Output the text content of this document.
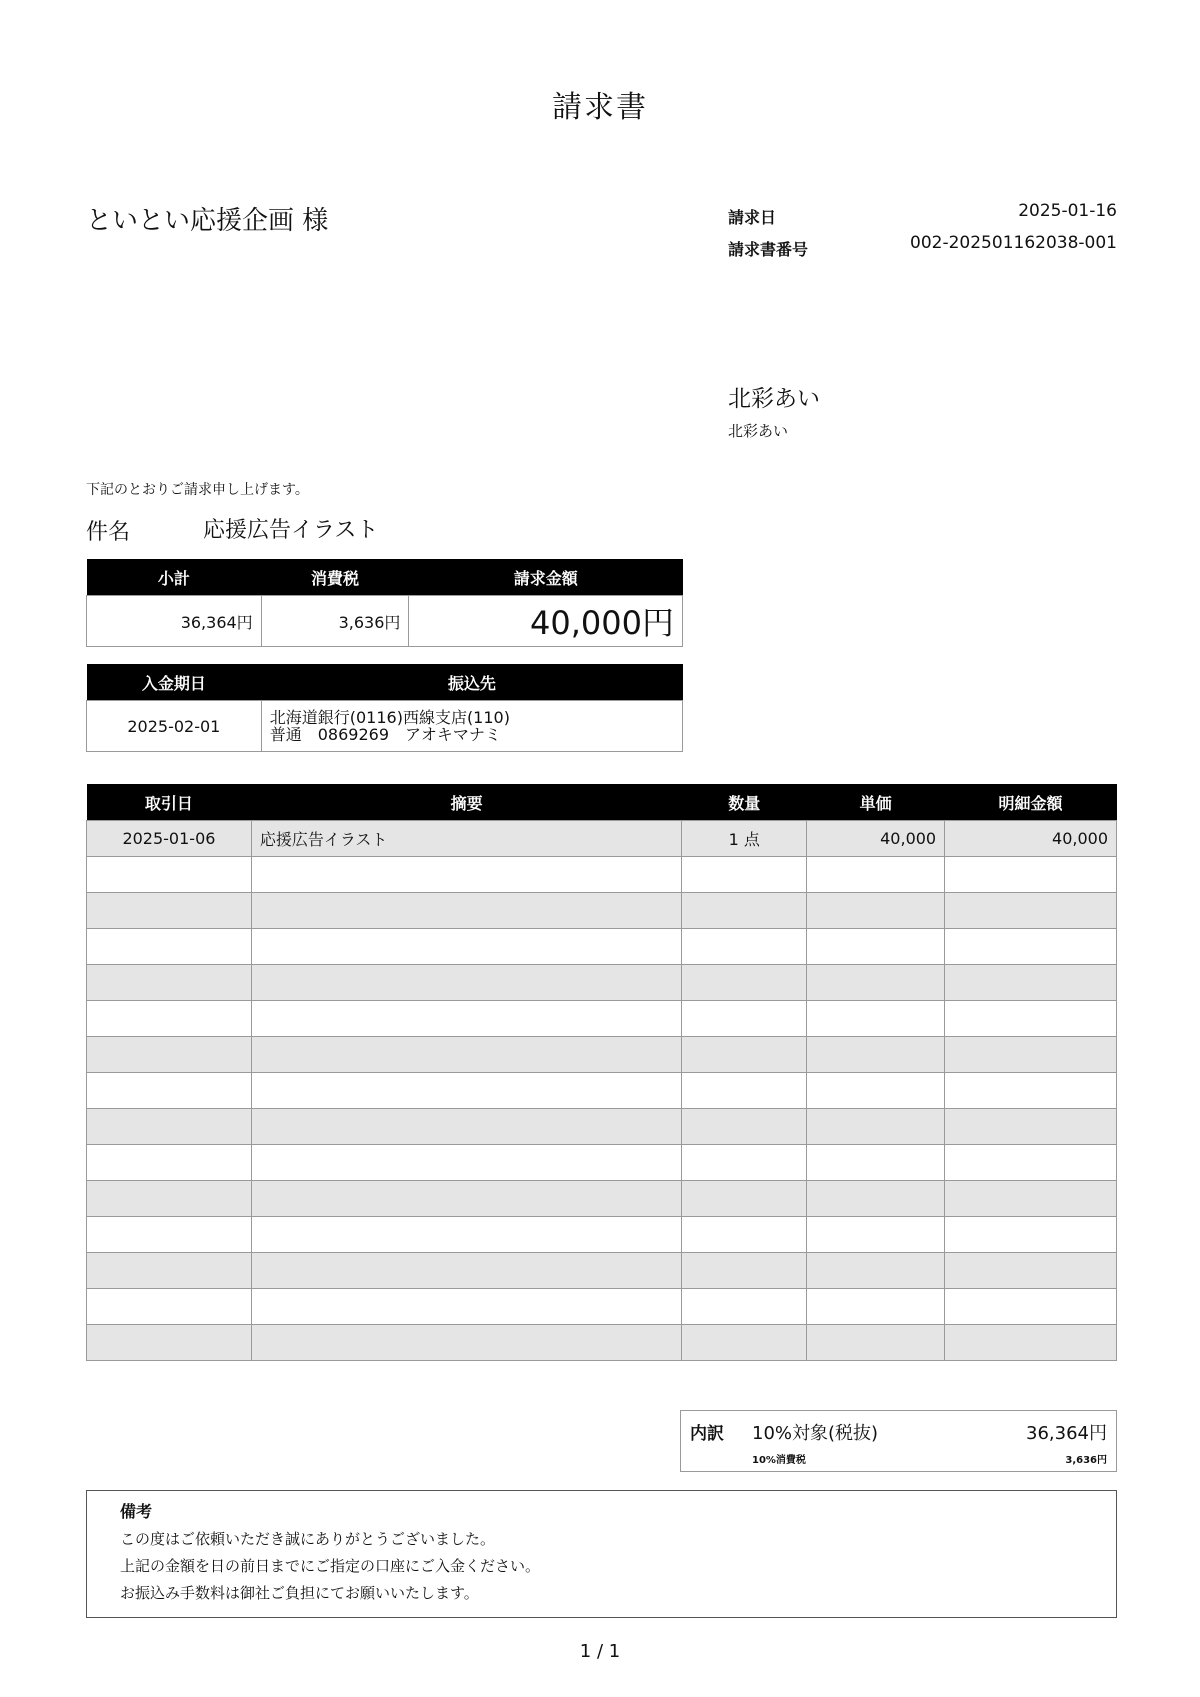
請求書
といとい応援企画 様	請求日	2025-01-16
請求書番号	002-202501162038-001
北彩あい
北彩あい
下記のとおりご請求申し上げます。
件名	応援広告イラスト
小計	消費税	請求金額
36,364円	3,636円	40,000円
入金期日	振込先
2025-02-01	北海道銀行(0116)西線支店(110)
普通　0869269　アオキマナミ
取引日	摘要	数量	単価	明細金額
2025-01-06	応援広告イラスト	1 点	40,000	40,000

内訳 10%対象(税抜)	36,364円
10%消費税	3,636円
備考
この度はご依頼いただき誠にありがとうございました。
上記の金額を日の前日までにご指定の口座にご入金ください。
お振込み手数料は御社ご負担にてお願いいたします。
1 / 1
